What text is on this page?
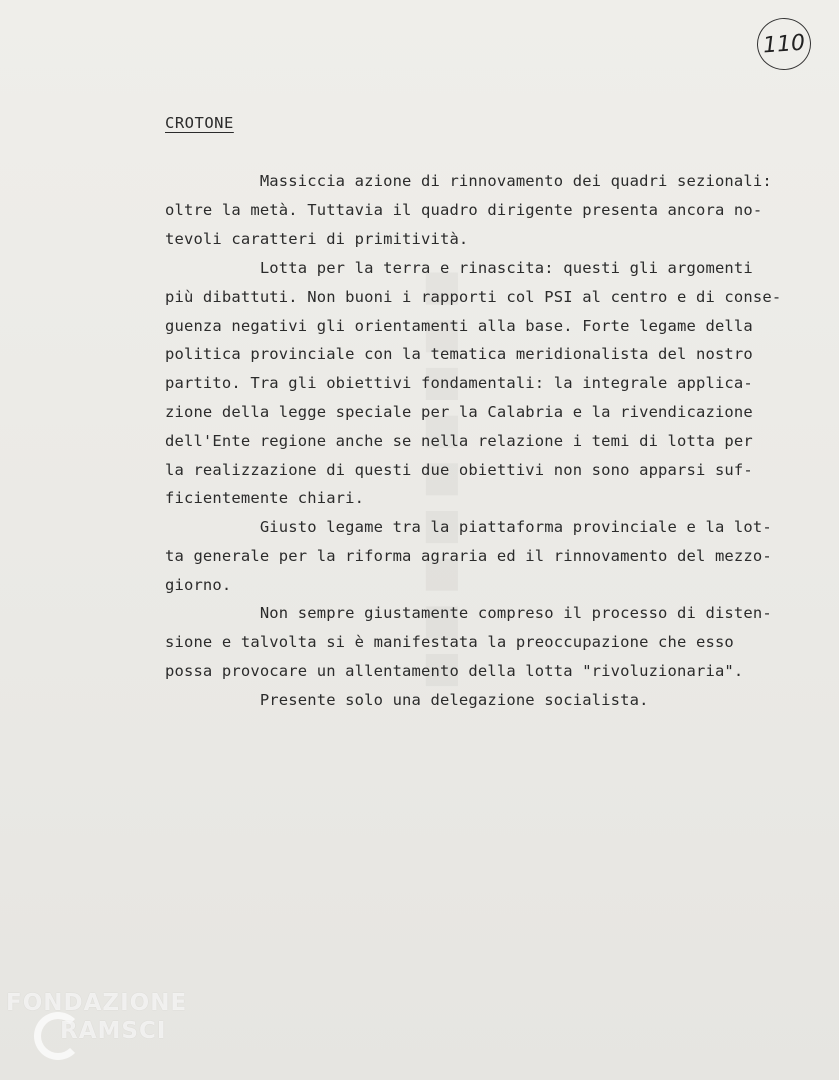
110
CROTONE
Massiccia azione di rinnovamento dei quadri sezionali:
oltre la metà. Tuttavia il quadro dirigente presenta ancora no-
tevoli caratteri di primitività.
Lotta per la terra e rinascita: questi gli argomenti
più dibattuti. Non buoni i rapporti col PSI al centro e di conse-
guenza negativi gli orientamenti alla base. Forte legame della
politica provinciale con la tematica meridionalista del nostro
partito. Tra gli obiettivi fondamentali: la integrale applica-
zione della legge speciale per la Calabria e la rivendicazione
dell'Ente regione anche se nella relazione i temi di lotta per
la realizzazione di questi due obiettivi non sono apparsi suf-
ficientemente chiari.
Giusto legame tra la piattaforma provinciale e la lot-
ta generale per la riforma agraria ed il rinnovamento del mezzo-
giorno.
Non sempre giustamente compreso il processo di disten-
sione e talvolta si è manifestata la preoccupazione che esso
possa provocare un allentamento della lotta "rivoluzionaria".
Presente solo una delegazione socialista.
FONDAZIONE
RAMSCI
